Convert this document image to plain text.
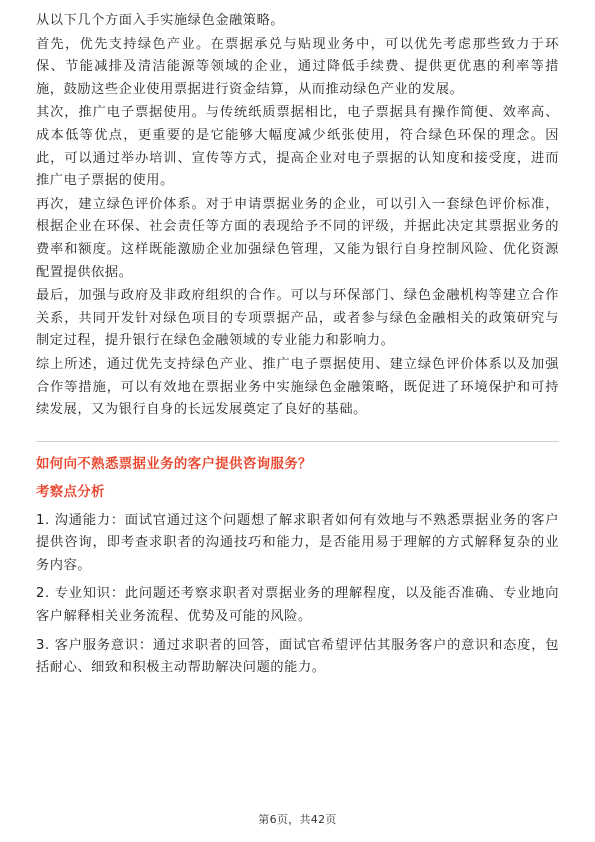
从以下几个方面入手实施绿色金融策略。

首先，优先支持绿色产业。在票据承兑与贴现业务中，可以优先考虑那些致力于环保、节能减排及清洁能源等领域的企业，通过降低手续费、提供更优惠的利率等措施，鼓励这些企业使用票据进行资金结算，从而推动绿色产业的发展。

其次，推广电子票据使用。与传统纸质票据相比，电子票据具有操作简便、效率高、成本低等优点，更重要的是它能够大幅度减少纸张使用，符合绿色环保的理念。因此，可以通过举办培训、宣传等方式，提高企业对电子票据的认知度和接受度，进而推广电子票据的使用。

再次，建立绿色评价体系。对于申请票据业务的企业，可以引入一套绿色评价标准，根据企业在环保、社会责任等方面的表现给予不同的评级，并据此决定其票据业务的费率和额度。这样既能激励企业加强绿色管理，又能为银行自身控制风险、优化资源配置提供依据。

最后，加强与政府及非政府组织的合作。可以与环保部门、绿色金融机构等建立合作关系，共同开发针对绿色项目的专项票据产品，或者参与绿色金融相关的政策研究与制定过程，提升银行在绿色金融领域的专业能力和影响力。

综上所述，通过优先支持绿色产业、推广电子票据使用、建立绿色评价体系以及加强合作等措施，可以有效地在票据业务中实施绿色金融策略，既促进了环境保护和可持续发展，又为银行自身的长远发展奠定了良好的基础。

如何向不熟悉票据业务的客户提供咨询服务？
考察点分析

1. 沟通能力：面试官通过这个问题想了解求职者如何有效地与不熟悉票据业务的客户提供咨询，即考查求职者的沟通技巧和能力，是否能用易于理解的方式解释复杂的业务内容。

2. 专业知识：此问题还考察求职者对票据业务的理解程度，以及能否准确、专业地向客户解释相关业务流程、优势及可能的风险。

3. 客户服务意识：通过求职者的回答，面试官希望评估其服务客户的意识和态度，包括耐心、细致和积极主动帮助解决问题的能力。

第6页，共42页
